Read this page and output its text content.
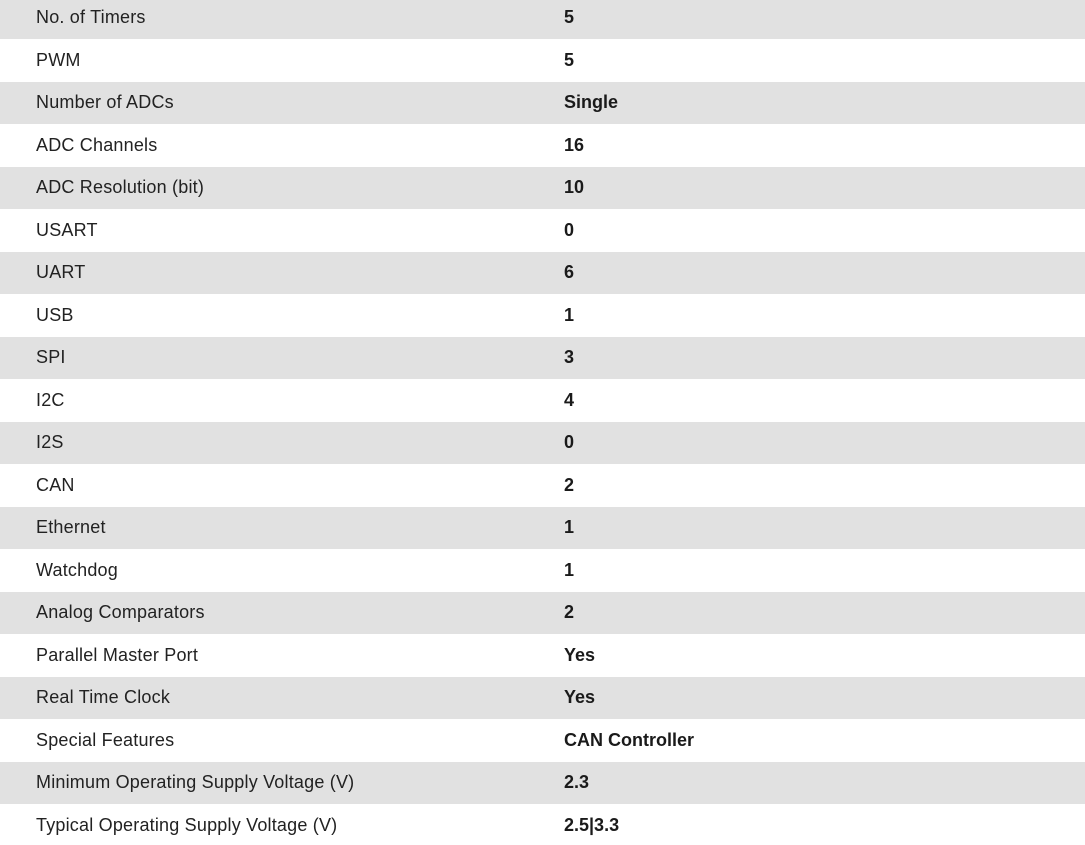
No. of Timers	5
PWM	5
Number of ADCs	Single
ADC Channels	16
ADC Resolution (bit)	10
USART	0
UART	6
USB	1
SPI	3
I2C	4
I2S	0
CAN	2
Ethernet	1
Watchdog	1
Analog Comparators	2
Parallel Master Port	Yes
Real Time Clock	Yes
Special Features	CAN Controller
Minimum Operating Supply Voltage (V)	2.3
Typical Operating Supply Voltage (V)	2.5|3.3
